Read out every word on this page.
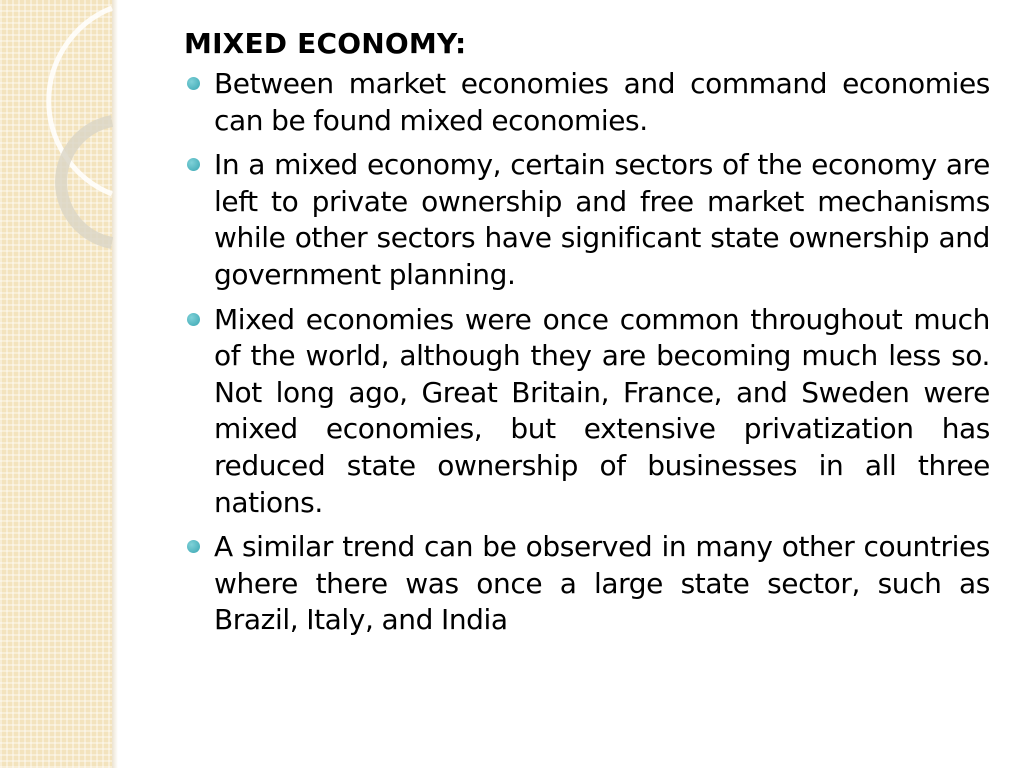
MIXED ECONOMY:
Between market economies and command economies can be found mixed economies.
In a mixed economy, certain sectors of the economy are left to private ownership and free market mechanisms while other sectors have significant state ownership and government planning.
Mixed economies were once common throughout much of the world, although they are becoming much less so. Not long ago, Great Britain, France, and Sweden were mixed economies, but extensive privatization has reduced state ownership of businesses in all three nations.
A similar trend can be observed in many other countries where there was once a large state sector, such as Brazil, Italy, and India
